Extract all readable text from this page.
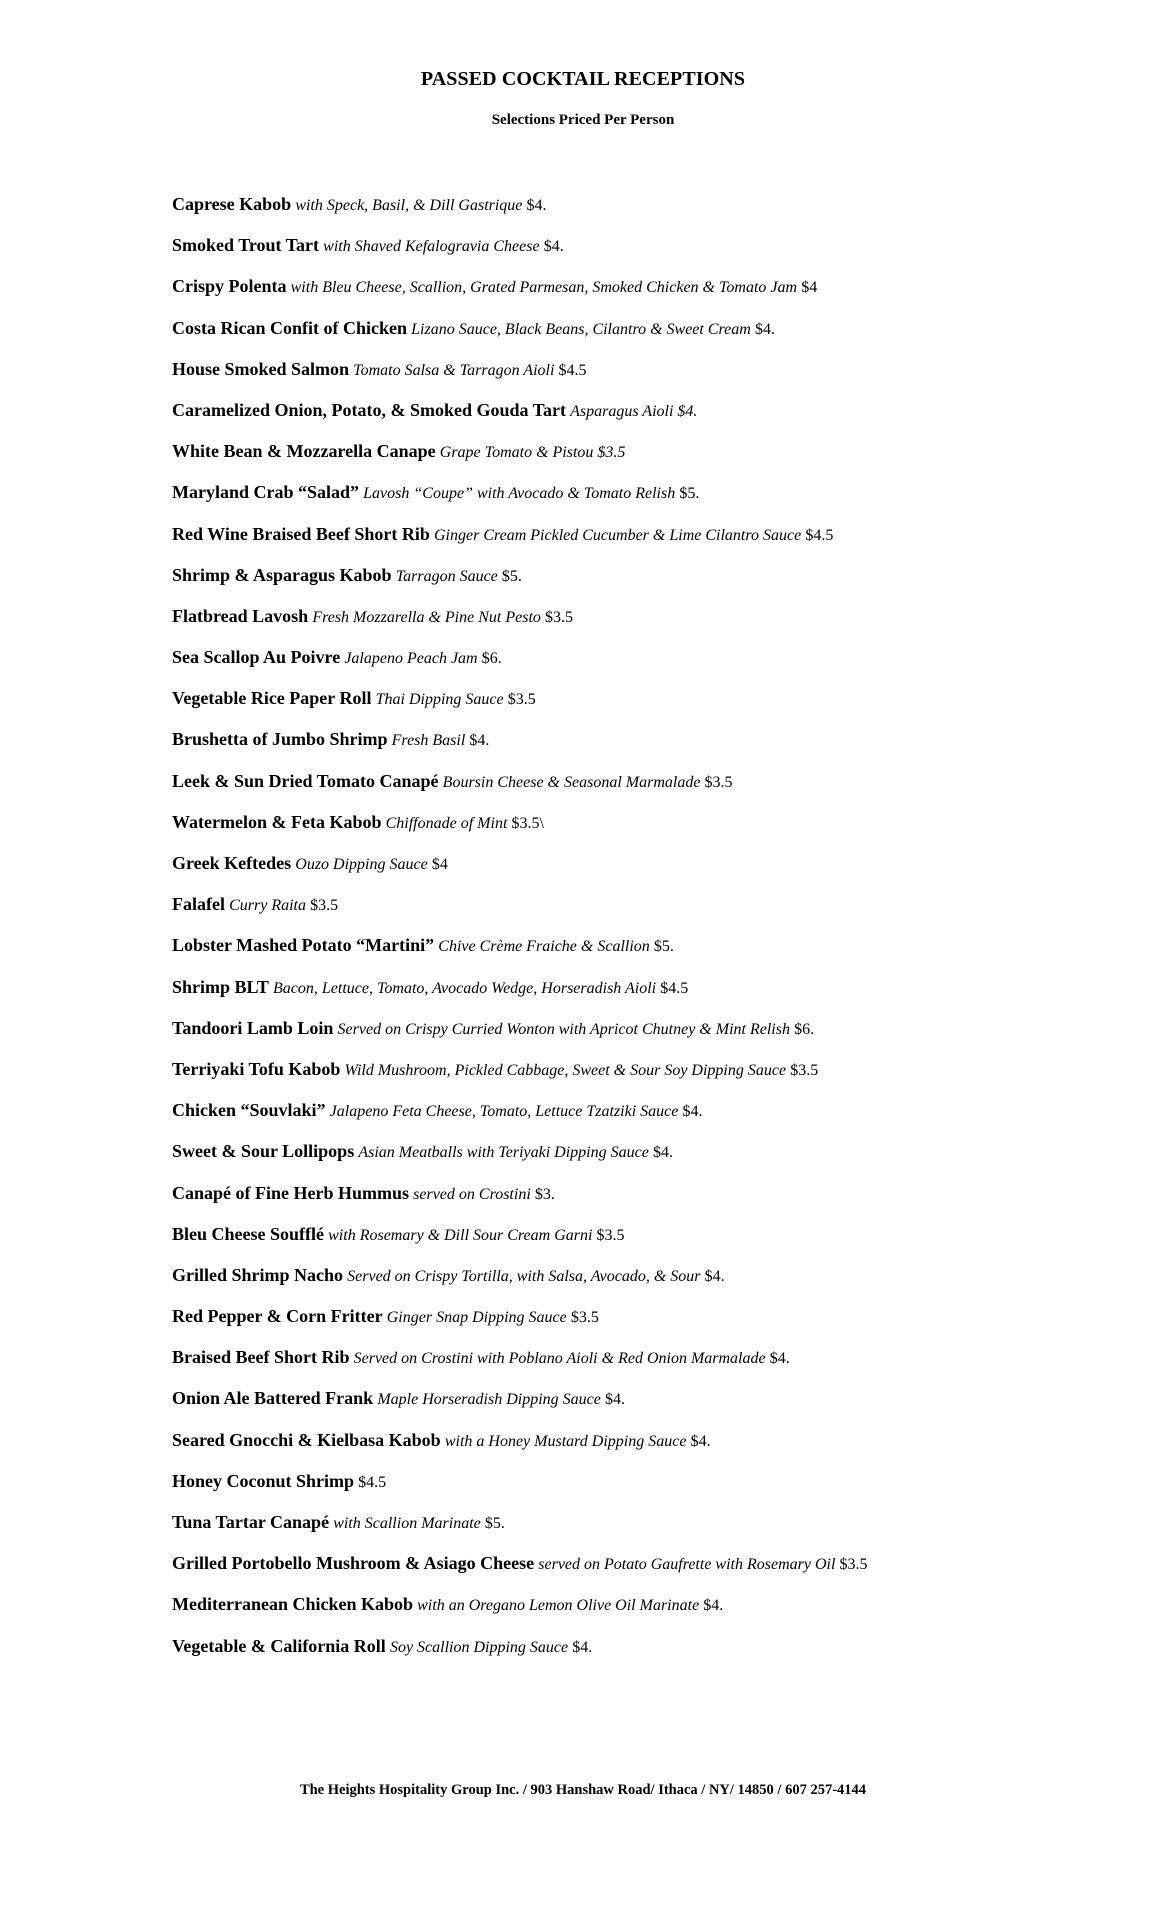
PASSED COCKTAIL RECEPTIONS
Selections Priced Per Person
Caprese Kabob with Speck, Basil, & Dill Gastrique $4.
Smoked Trout Tart with Shaved Kefalogravia Cheese $4.
Crispy Polenta with Bleu Cheese, Scallion, Grated Parmesan, Smoked Chicken & Tomato Jam $4
Costa Rican Confit of Chicken Lizano Sauce, Black Beans, Cilantro & Sweet Cream $4.
House Smoked Salmon Tomato Salsa & Tarragon Aioli $4.5
Caramelized Onion, Potato, & Smoked Gouda Tart Asparagus Aioli $4.
White Bean & Mozzarella Canape Grape Tomato & Pistou $3.5
Maryland Crab “Salad” Lavosh “Coupe” with Avocado & Tomato Relish $5.
Red Wine Braised Beef Short Rib Ginger Cream Pickled Cucumber & Lime Cilantro Sauce $4.5
Shrimp & Asparagus Kabob Tarragon Sauce $5.
Flatbread Lavosh Fresh Mozzarella & Pine Nut Pesto $3.5
Sea Scallop Au Poivre Jalapeno Peach Jam $6.
Vegetable Rice Paper Roll Thai Dipping Sauce $3.5
Brushetta of Jumbo Shrimp Fresh Basil $4.
Leek & Sun Dried Tomato Canapé Boursin Cheese & Seasonal Marmalade $3.5
Watermelon & Feta Kabob Chiffonade of Mint $3.5\
Greek Keftedes Ouzo Dipping Sauce $4
Falafel Curry Raita $3.5
Lobster Mashed Potato “Martini” Chive Crème Fraiche & Scallion $5.
Shrimp BLT Bacon, Lettuce, Tomato, Avocado Wedge, Horseradish Aioli $4.5
Tandoori Lamb Loin Served on Crispy Curried Wonton with Apricot Chutney & Mint Relish $6.
Terriyaki Tofu Kabob Wild Mushroom, Pickled Cabbage, Sweet & Sour Soy Dipping Sauce $3.5
Chicken “Souvlaki” Jalapeno Feta Cheese, Tomato, Lettuce Tzatziki Sauce $4.
Sweet & Sour Lollipops Asian Meatballs with Teriyaki Dipping Sauce $4.
Canapé of Fine Herb Hummus served on Crostini $3.
Bleu Cheese Soufflé with Rosemary & Dill Sour Cream Garni $3.5
Grilled Shrimp Nacho Served on Crispy Tortilla, with Salsa, Avocado, & Sour $4.
Red Pepper & Corn Fritter Ginger Snap Dipping Sauce $3.5
Braised Beef Short Rib Served on Crostini with Poblano Aioli & Red Onion Marmalade $4.
Onion Ale Battered Frank Maple Horseradish Dipping Sauce $4.
Seared Gnocchi & Kielbasa Kabob with a Honey Mustard Dipping Sauce $4.
Honey Coconut Shrimp $4.5
Tuna Tartar Canapé with Scallion Marinate $5.
Grilled Portobello Mushroom & Asiago Cheese served on Potato Gaufrette with Rosemary Oil $3.5
Mediterranean Chicken Kabob with an Oregano Lemon Olive Oil Marinate $4.
Vegetable & California Roll Soy Scallion Dipping Sauce $4.
The Heights Hospitality Group Inc. / 903 Hanshaw Road/ Ithaca / NY/ 14850 / 607 257-4144
